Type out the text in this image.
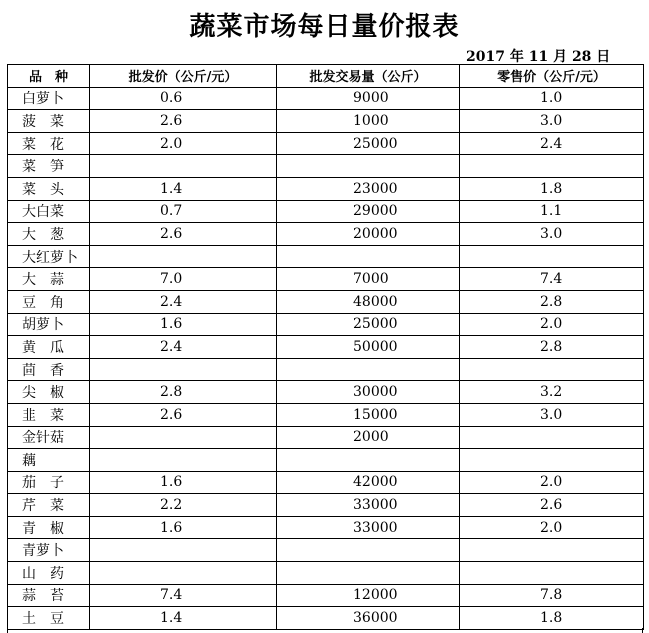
蔬菜市场每日量价报表
2017 年 11 月 28 日
品　种	批发价（公斤/元）	批发交易量（公斤）	零售价（公斤/元）
白萝卜	0.6	9000	1.0
菠　菜	2.6	1000	3.0
菜　花	2.0	25000	2.4
菜　笋			
菜　头	1.4	23000	1.8
大白菜	0.7	29000	1.1
大　葱	2.6	20000	3.0
大红萝卜			
大　蒜	7.0	7000	7.4
豆　角	2.4	48000	2.8
胡萝卜	1.6	25000	2.0
黄　瓜	2.4	50000	2.8
茴　香			
尖　椒	2.8	30000	3.2
韭　菜	2.6	15000	3.0
金针菇		2000	
藕			
茄　子	1.6	42000	2.0
芹　菜	2.2	33000	2.6
青　椒	1.6	33000	2.0
青萝卜			
山　药			
蒜　苔	7.4	12000	7.8
土　豆	1.4	36000	1.8
